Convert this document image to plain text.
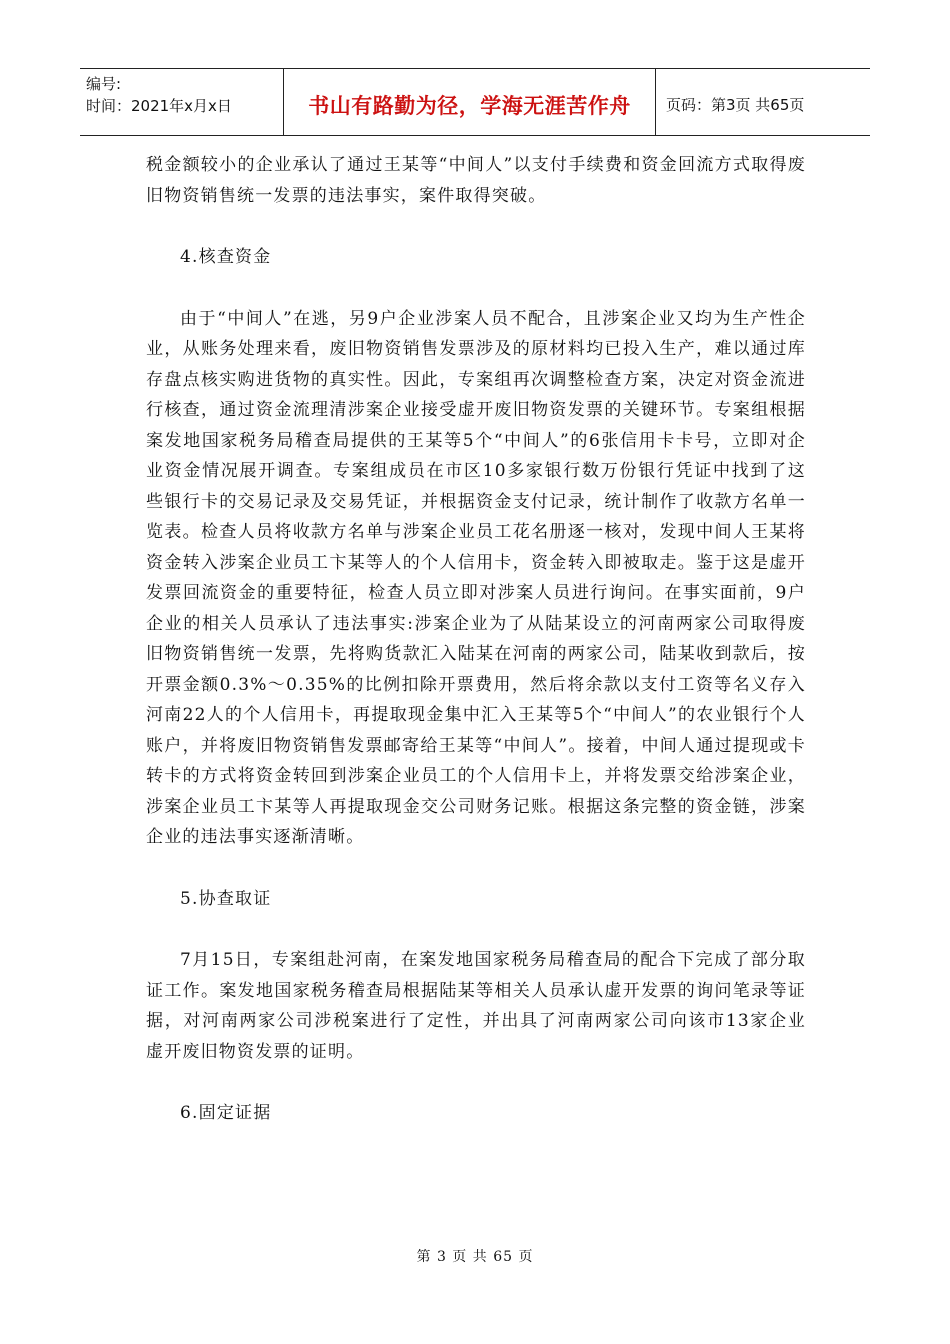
编号:
时间：2021年x月x日	书山有路勤为径，学海无涯苦作舟	页码：第3页 共65页

税金额较小的企业承认了通过王某等“中间人”以支付手续费和资金回流方式取得废旧物资销售统一发票的违法事实，案件取得突破。

4.核查资金

由于“中间人”在逃，另9户企业涉案人员不配合，且涉案企业又均为生产性企业，从账务处理来看，废旧物资销售发票涉及的原材料均已投入生产，难以通过库存盘点核实购进货物的真实性。因此，专案组再次调整检查方案，决定对资金流进行核查，通过资金流理清涉案企业接受虚开废旧物资发票的关键环节。专案组根据案发地国家税务局稽查局提供的王某等5个“中间人”的6张信用卡卡号，立即对企业资金情况展开调查。专案组成员在市区10多家银行数万份银行凭证中找到了这些银行卡的交易记录及交易凭证，并根据资金支付记录，统计制作了收款方名单一览表。检查人员将收款方名单与涉案企业员工花名册逐一核对，发现中间人王某将资金转入涉案企业员工卞某等人的个人信用卡，资金转入即被取走。鉴于这是虚开发票回流资金的重要特征，检查人员立即对涉案人员进行询问。在事实面前，9户企业的相关人员承认了违法事实:涉案企业为了从陆某设立的河南两家公司取得废旧物资销售统一发票，先将购货款汇入陆某在河南的两家公司，陆某收到款后，按开票金额0.3%～0.35%的比例扣除开票费用，然后将余款以支付工资等名义存入河南22人的个人信用卡，再提取现金集中汇入王某等5个“中间人”的农业银行个人账户，并将废旧物资销售发票邮寄给王某等“中间人”。接着，中间人通过提现或卡转卡的方式将资金转回到涉案企业员工的个人信用卡上，并将发票交给涉案企业，涉案企业员工卞某等人再提取现金交公司财务记账。根据这条完整的资金链，涉案企业的违法事实逐渐清晰。

5.协查取证

7月15日，专案组赴河南，在案发地国家税务局稽查局的配合下完成了部分取证工作。案发地国家税务稽查局根据陆某等相关人员承认虚开发票的询问笔录等证据，对河南两家公司涉税案进行了定性，并出具了河南两家公司向该市13家企业虚开废旧物资发票的证明。

6.固定证据

第 3 页 共 65 页
